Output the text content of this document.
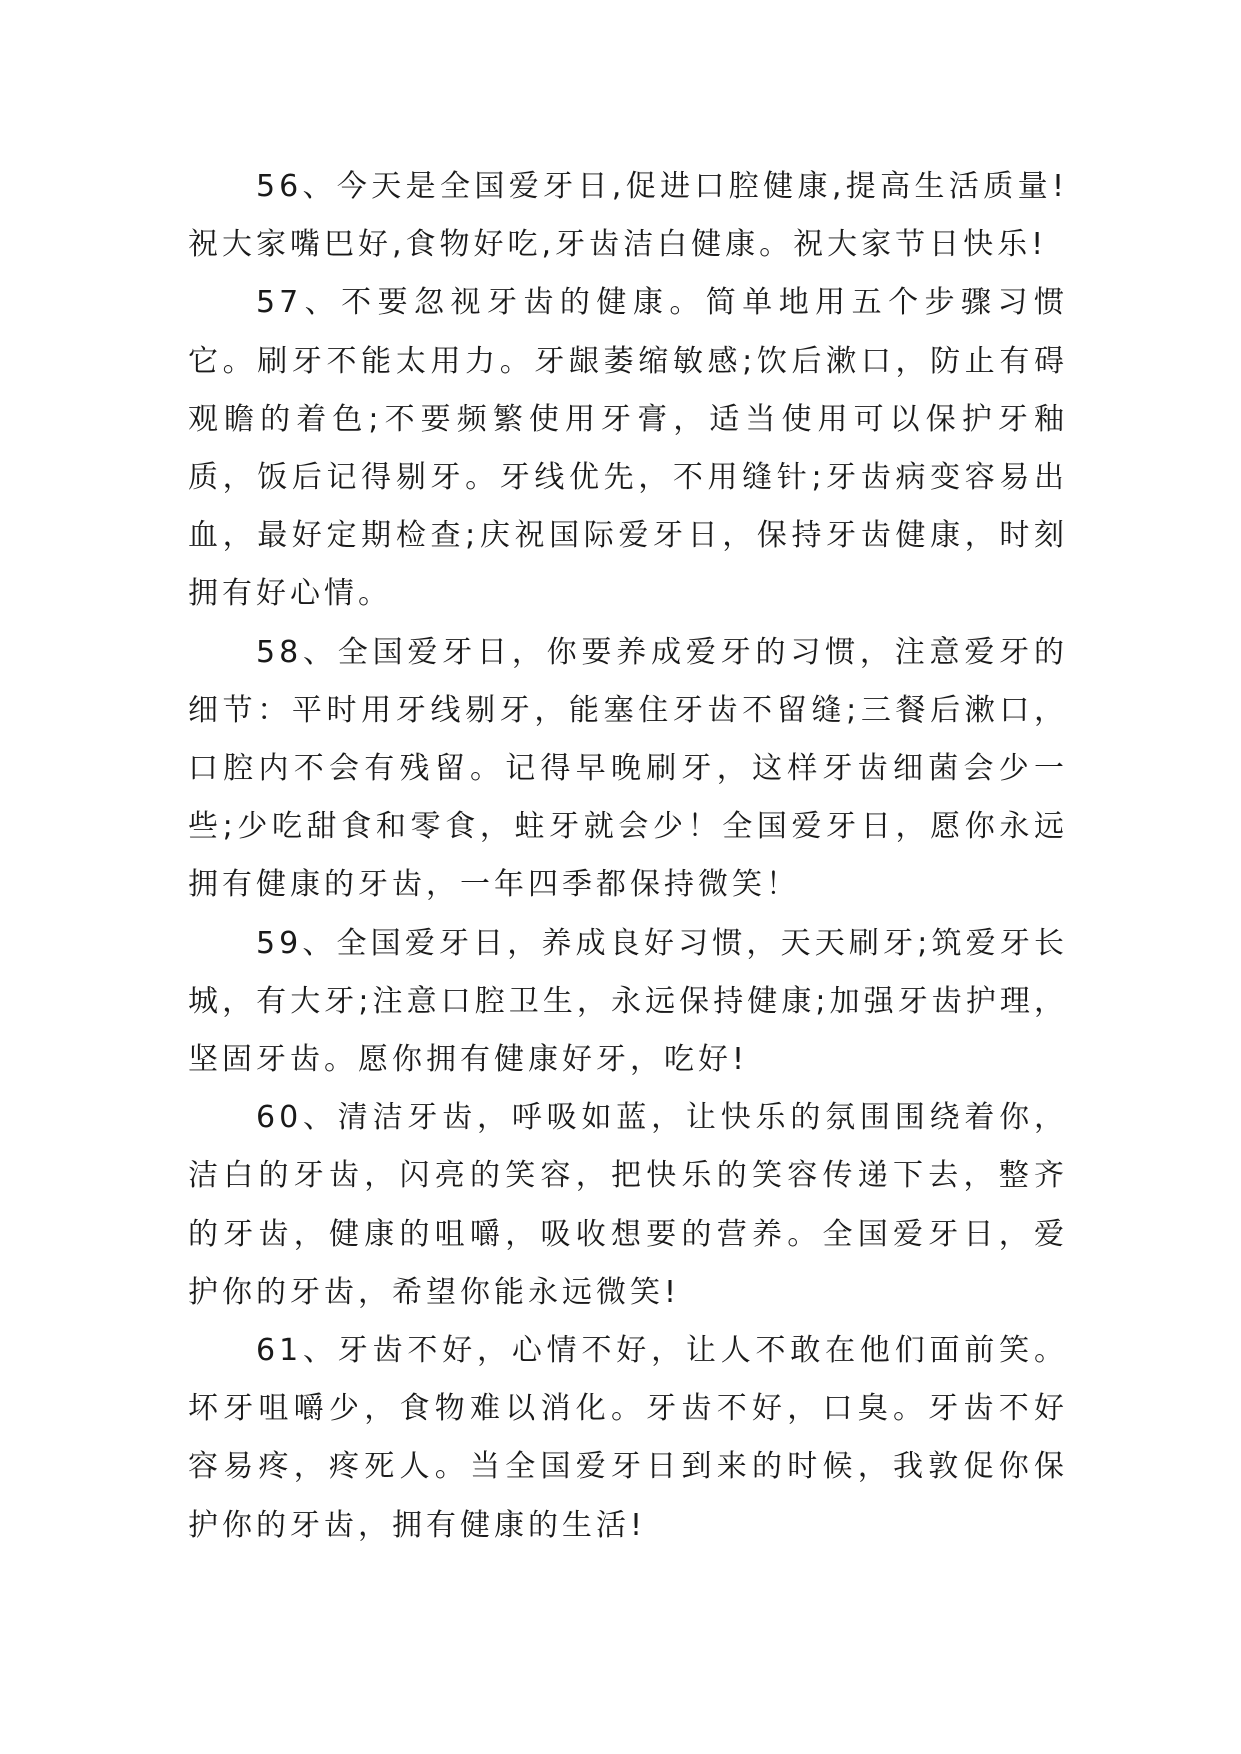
56、今天是全国爱牙日,促进口腔健康,提高生活质量!祝大家嘴巴好,食物好吃,牙齿洁白健康。祝大家节日快乐!

57、不要忽视牙齿的健康。简单地用五个步骤习惯它。刷牙不能太用力。牙龈萎缩敏感;饮后漱口，防止有碍观瞻的着色;不要频繁使用牙膏，适当使用可以保护牙釉质，饭后记得剔牙。牙线优先，不用缝针;牙齿病变容易出血，最好定期检查;庆祝国际爱牙日，保持牙齿健康，时刻拥有好心情。

58、全国爱牙日，你要养成爱牙的习惯，注意爱牙的细节：平时用牙线剔牙，能塞住牙齿不留缝;三餐后漱口，口腔内不会有残留。记得早晚刷牙，这样牙齿细菌会少一些;少吃甜食和零食，蛀牙就会少！全国爱牙日，愿你永远拥有健康的牙齿，一年四季都保持微笑！

59、全国爱牙日，养成良好习惯，天天刷牙;筑爱牙长城，有大牙;注意口腔卫生，永远保持健康;加强牙齿护理，坚固牙齿。愿你拥有健康好牙，吃好!

60、清洁牙齿，呼吸如蓝，让快乐的氛围围绕着你，洁白的牙齿，闪亮的笑容，把快乐的笑容传递下去，整齐的牙齿，健康的咀嚼，吸收想要的营养。全国爱牙日，爱护你的牙齿，希望你能永远微笑!

61、牙齿不好，心情不好，让人不敢在他们面前笑。坏牙咀嚼少，食物难以消化。牙齿不好，口臭。牙齿不好容易疼，疼死人。当全国爱牙日到来的时候，我敦促你保护你的牙齿，拥有健康的生活!
